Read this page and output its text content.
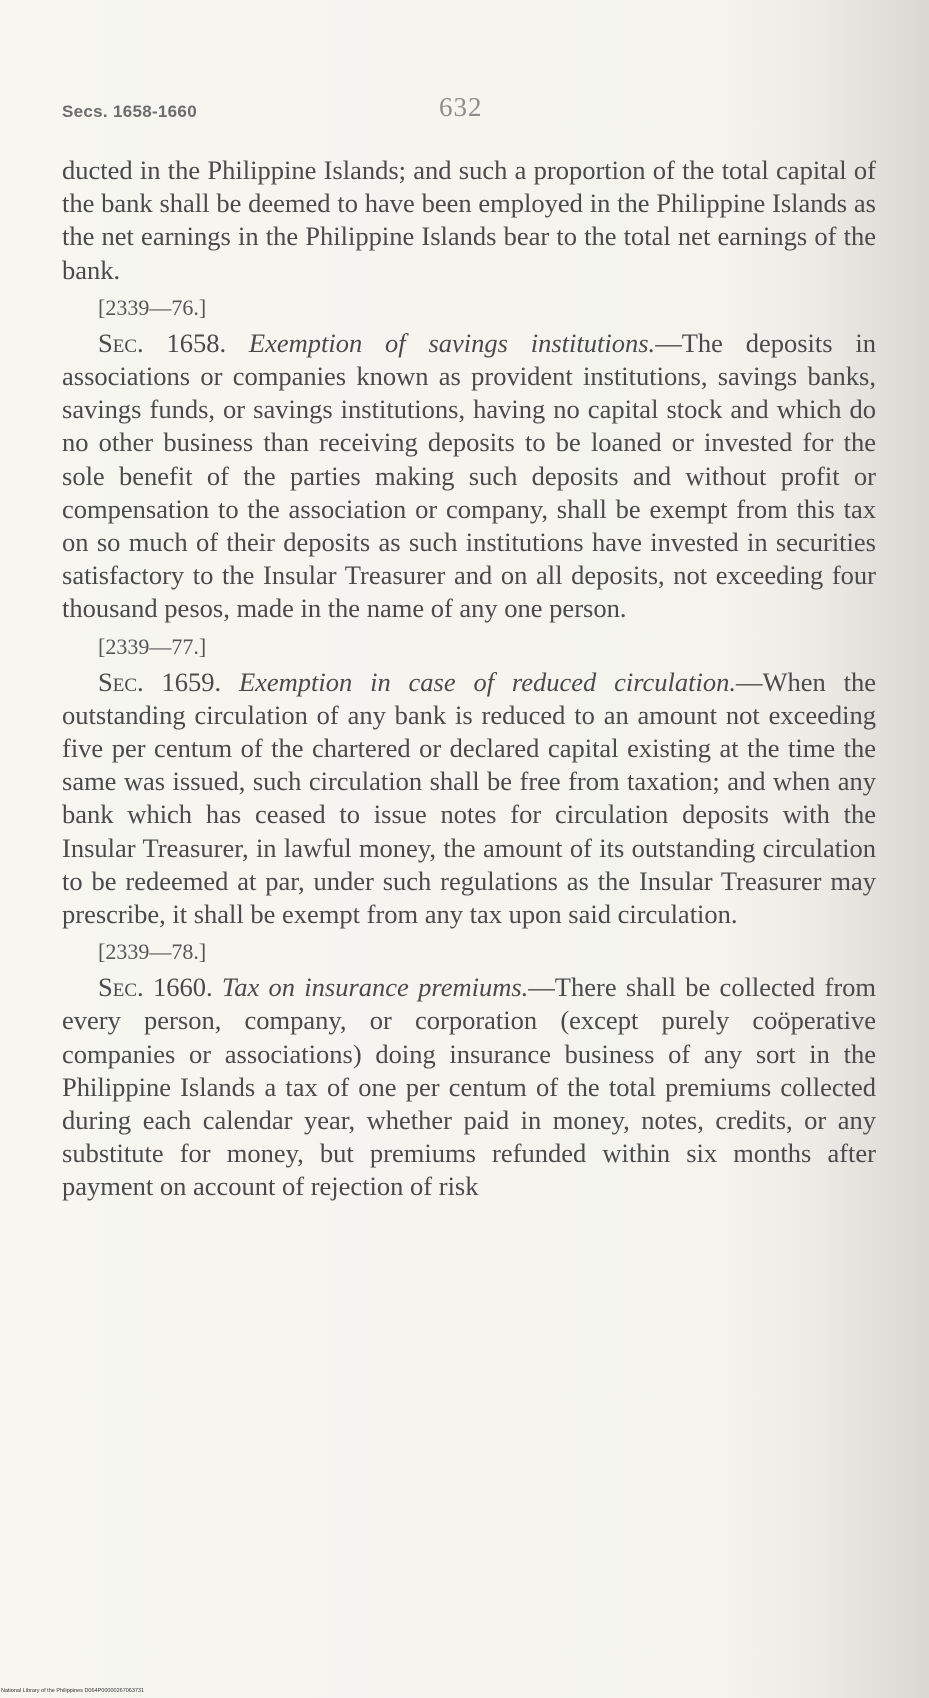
Secs. 1658-1660	632

ducted in the Philippine Islands; and such a proportion of the total capital of the bank shall be deemed to have been employed in the Philippine Islands as the net earnings in the Philippine Islands bear to the total net earnings of the bank.

[2339—76.]

Sec. 1658. Exemption of savings institutions.—The deposits in associations or companies known as provident institutions, savings banks, savings funds, or savings institutions, having no capital stock and which do no other business than receiving deposits to be loaned or invested for the sole benefit of the parties making such deposits and without profit or compensation to the association or company, shall be exempt from this tax on so much of their deposits as such institutions have invested in securities satisfactory to the Insular Treasurer and on all deposits, not exceeding four thousand pesos, made in the name of any one person.

[2339—77.]

Sec. 1659. Exemption in case of reduced circulation.—When the outstanding circulation of any bank is reduced to an amount not exceeding five per centum of the chartered or declared capital existing at the time the same was issued, such circulation shall be free from taxation; and when any bank which has ceased to issue notes for circulation deposits with the Insular Treasurer, in lawful money, the amount of its outstanding circulation to be redeemed at par, under such regulations as the Insular Treasurer may prescribe, it shall be exempt from any tax upon said circulation.

[2339—78.]

Sec. 1660. Tax on insurance premiums.—There shall be collected from every person, company, or corporation (except purely coöperative companies or associations) doing insurance business of any sort in the Philippine Islands a tax of one per centum of the total premiums collected during each calendar year, whether paid in money, notes, credits, or any substitute for money, but premiums refunded within six months after payment on account of rejection of risk

National Library of the Philippines D064P00000267063731
